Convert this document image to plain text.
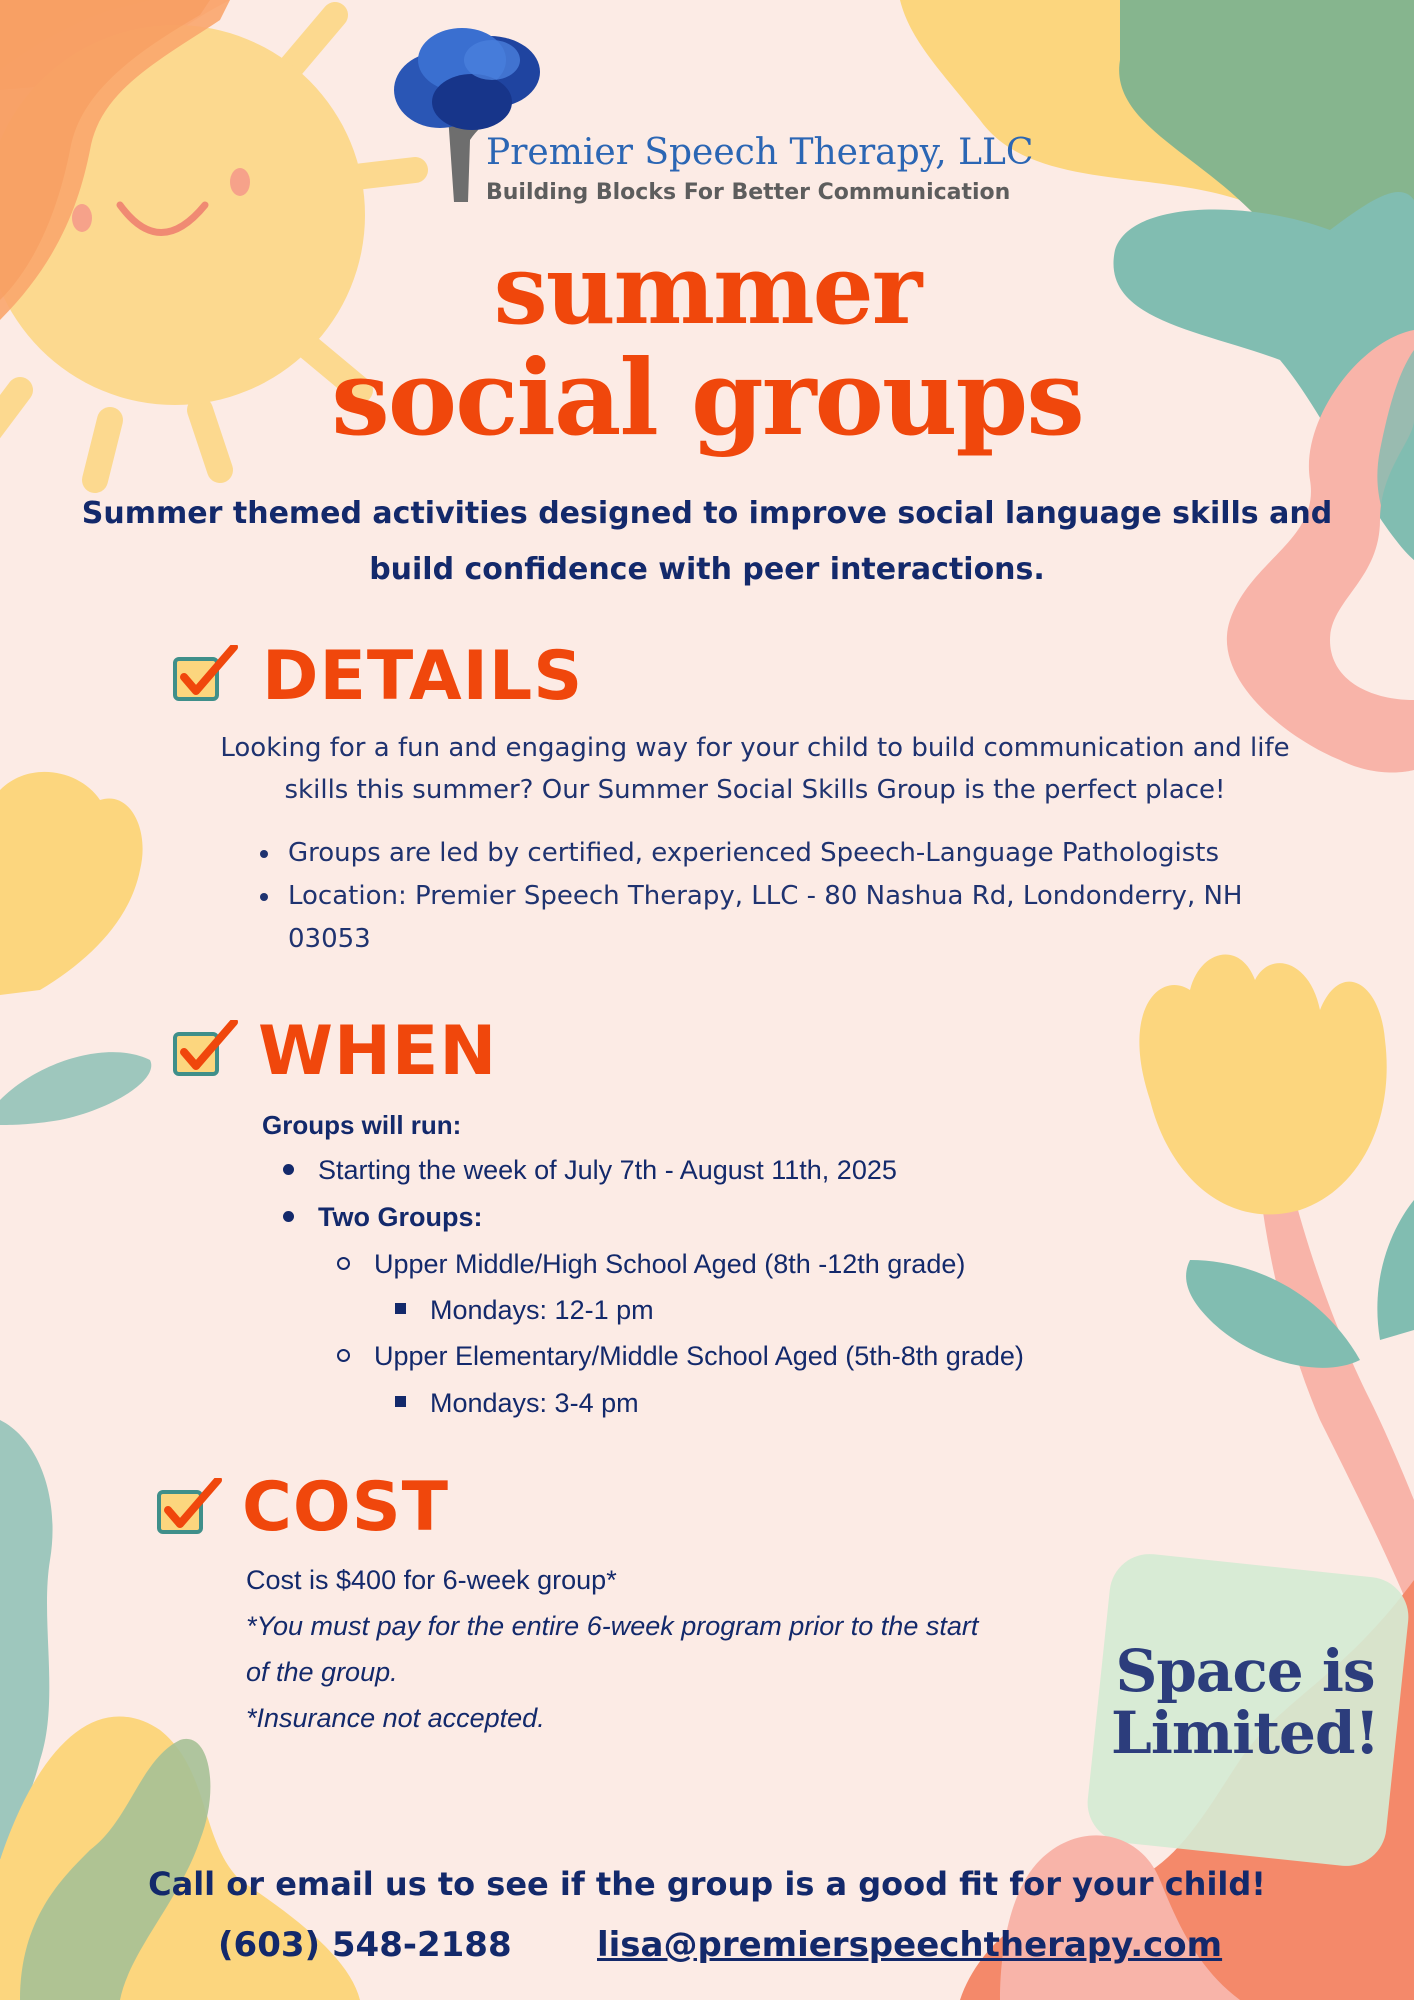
Premier Speech Therapy, LLC
Building Blocks For Better Communication
summer
social groups
Summer themed activities designed to improve social language skills and build confidence with peer interactions.
DETAILS
Looking for a fun and engaging way for your child to build communication and life skills this summer? Our Summer Social Skills Group is the perfect place!
Groups are led by certified, experienced Speech-Language Pathologists
Location: Premier Speech Therapy, LLC - 80 Nashua Rd, Londonderry, NH 03053
WHEN
Groups will run:
Starting the week of July 7th - August 11th, 2025
Two Groups:
Upper Middle/High School Aged (8th -12th grade)
Mondays: 12-1 pm
Upper Elementary/Middle School Aged (5th-8th grade)
Mondays: 3-4 pm
COST
Cost is $400 for 6-week group*
*You must pay for the entire 6-week program prior to the start
of the group.
*Insurance not accepted.
Space is
Limited!
Call or email us to see if the group is a good fit for your child!
(603) 548-2188	lisa@premierspeechtherapy.com
